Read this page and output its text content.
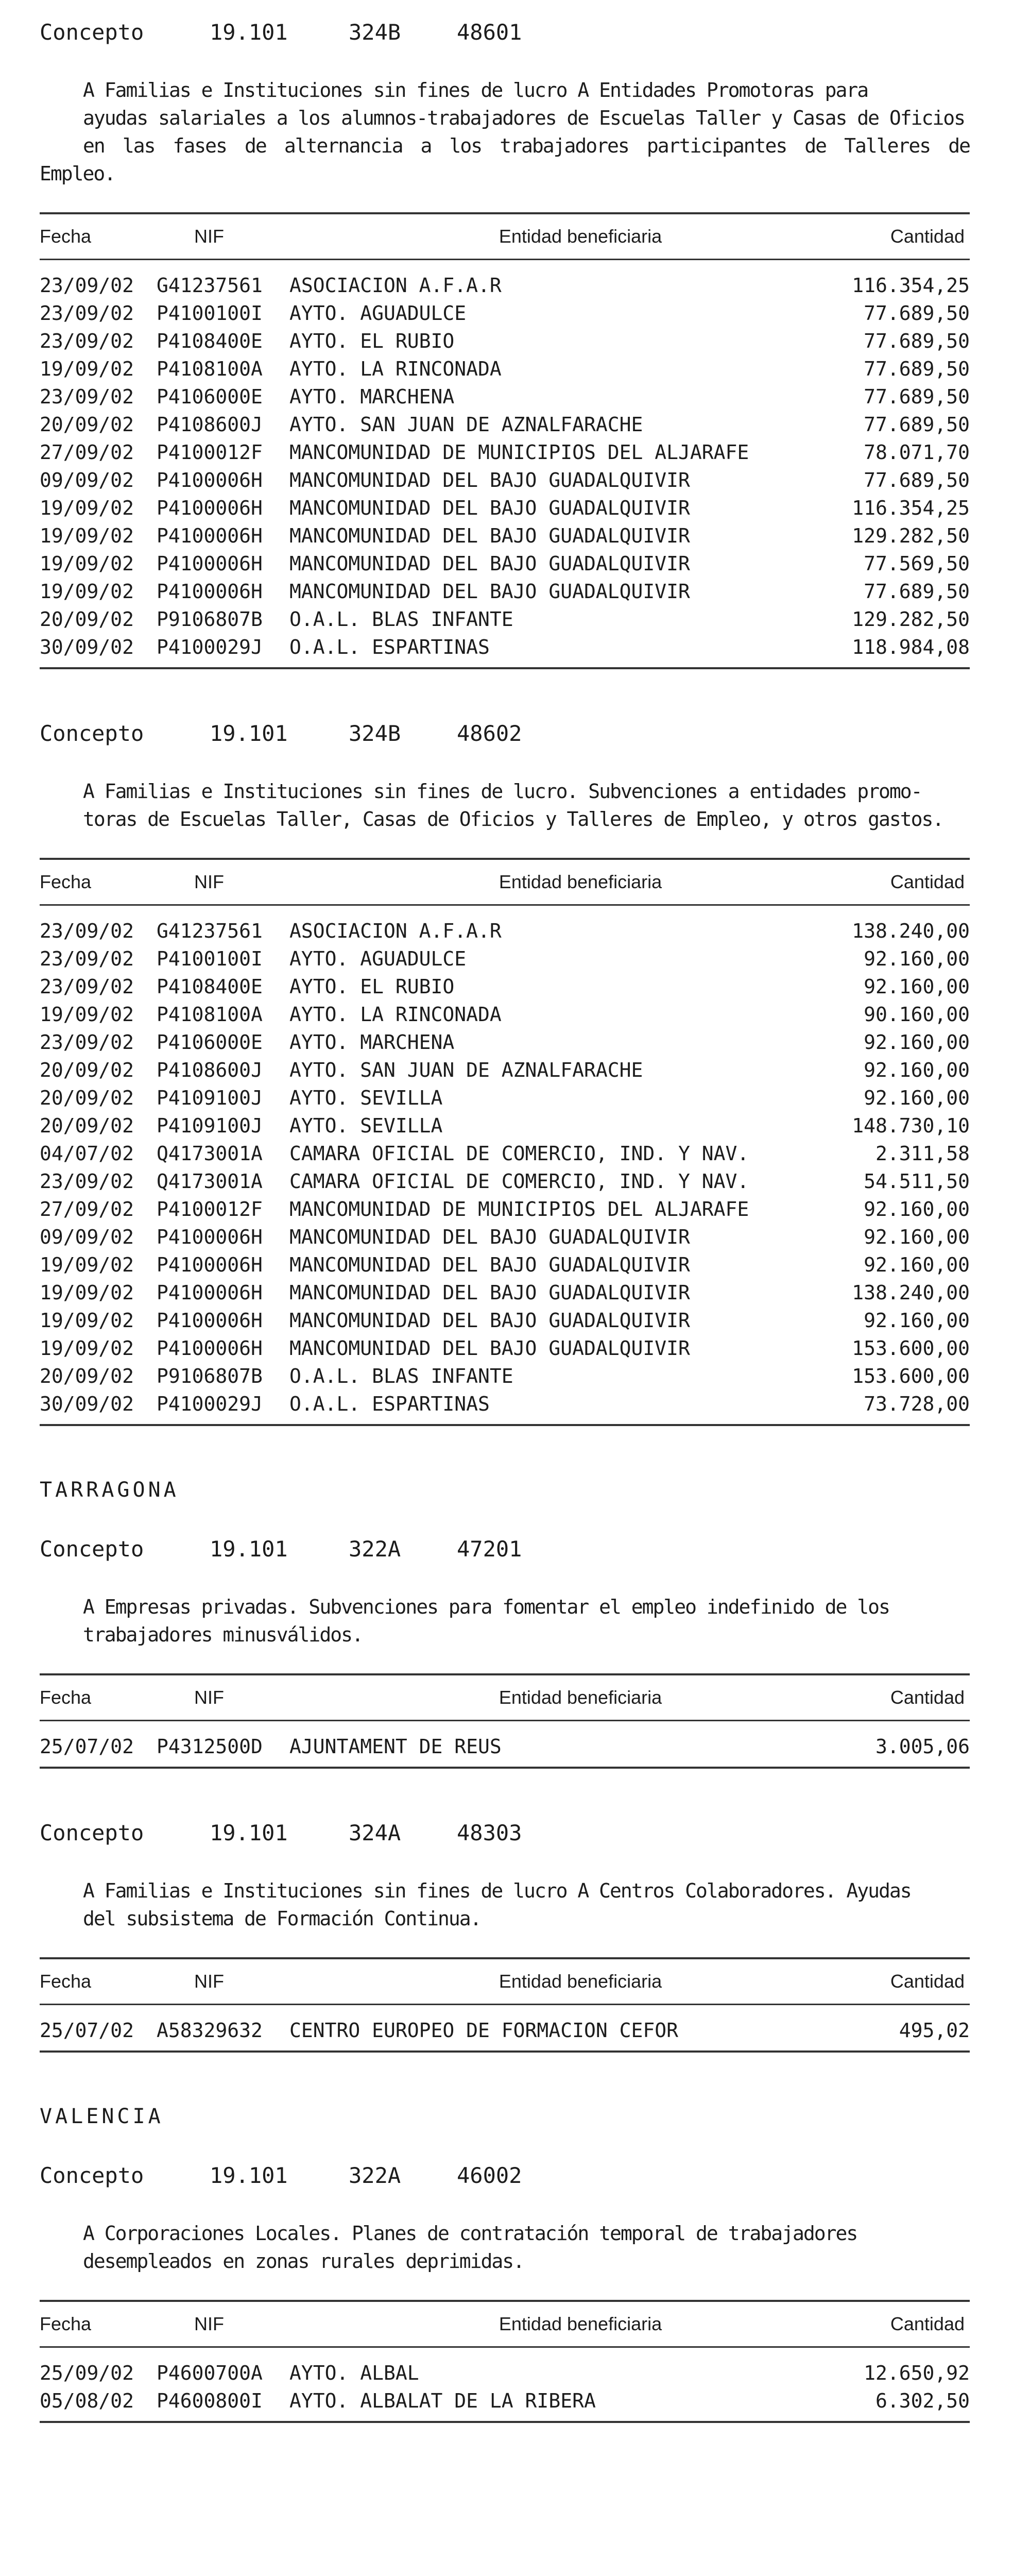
Concepto	19.101	324B	48601
A Familias e Instituciones sin fines de lucro A Entidades Promotoras para
ayudas salariales a los alumnos-trabajadores de Escuelas Taller y Casas de Oficios
en las fases de alternancia a los trabajadores participantes de Talleres de Empleo.
Fecha	NIF	Entidad beneficiaria	Cantidad
23/09/02	G41237561	ASOCIACION A.F.A.R	116.354,25
23/09/02	P4100100I	AYTO. AGUADULCE	77.689,50
23/09/02	P4108400E	AYTO. EL RUBIO	77.689,50
19/09/02	P4108100A	AYTO. LA RINCONADA	77.689,50
23/09/02	P4106000E	AYTO. MARCHENA	77.689,50
20/09/02	P4108600J	AYTO. SAN JUAN DE AZNALFARACHE	77.689,50
27/09/02	P4100012F	MANCOMUNIDAD DE MUNICIPIOS DEL ALJARAFE	78.071,70
09/09/02	P4100006H	MANCOMUNIDAD DEL BAJO GUADALQUIVIR	77.689,50
19/09/02	P4100006H	MANCOMUNIDAD DEL BAJO GUADALQUIVIR	116.354,25
19/09/02	P4100006H	MANCOMUNIDAD DEL BAJO GUADALQUIVIR	129.282,50
19/09/02	P4100006H	MANCOMUNIDAD DEL BAJO GUADALQUIVIR	77.569,50
19/09/02	P4100006H	MANCOMUNIDAD DEL BAJO GUADALQUIVIR	77.689,50
20/09/02	P9106807B	O.A.L. BLAS INFANTE	129.282,50
30/09/02	P4100029J	O.A.L. ESPARTINAS	118.984,08
Concepto	19.101	324B	48602
A Familias e Instituciones sin fines de lucro. Subvenciones a entidades promo-
toras de Escuelas Taller, Casas de Oficios y Talleres de Empleo, y otros gastos.
Fecha	NIF	Entidad beneficiaria	Cantidad
23/09/02	G41237561	ASOCIACION A.F.A.R	138.240,00
23/09/02	P4100100I	AYTO. AGUADULCE	92.160,00
23/09/02	P4108400E	AYTO. EL RUBIO	92.160,00
19/09/02	P4108100A	AYTO. LA RINCONADA	90.160,00
23/09/02	P4106000E	AYTO. MARCHENA	92.160,00
20/09/02	P4108600J	AYTO. SAN JUAN DE AZNALFARACHE	92.160,00
20/09/02	P4109100J	AYTO. SEVILLA	92.160,00
20/09/02	P4109100J	AYTO. SEVILLA	148.730,10
04/07/02	Q4173001A	CAMARA OFICIAL DE COMERCIO, IND. Y NAV.	2.311,58
23/09/02	Q4173001A	CAMARA OFICIAL DE COMERCIO, IND. Y NAV.	54.511,50
27/09/02	P4100012F	MANCOMUNIDAD DE MUNICIPIOS DEL ALJARAFE	92.160,00
09/09/02	P4100006H	MANCOMUNIDAD DEL BAJO GUADALQUIVIR	92.160,00
19/09/02	P4100006H	MANCOMUNIDAD DEL BAJO GUADALQUIVIR	92.160,00
19/09/02	P4100006H	MANCOMUNIDAD DEL BAJO GUADALQUIVIR	138.240,00
19/09/02	P4100006H	MANCOMUNIDAD DEL BAJO GUADALQUIVIR	92.160,00
19/09/02	P4100006H	MANCOMUNIDAD DEL BAJO GUADALQUIVIR	153.600,00
20/09/02	P9106807B	O.A.L. BLAS INFANTE	153.600,00
30/09/02	P4100029J	O.A.L. ESPARTINAS	73.728,00
TARRAGONA
Concepto	19.101	322A	47201
A Empresas privadas. Subvenciones para fomentar el empleo indefinido de los
trabajadores minusválidos.
Fecha	NIF	Entidad beneficiaria	Cantidad
25/07/02	P4312500D	AJUNTAMENT DE REUS	3.005,06
Concepto	19.101	324A	48303
A Familias e Instituciones sin fines de lucro A Centros Colaboradores. Ayudas
del subsistema de Formación Continua.
Fecha	NIF	Entidad beneficiaria	Cantidad
25/07/02	A58329632	CENTRO EUROPEO DE FORMACION CEFOR	495,02
VALENCIA
Concepto	19.101	322A	46002
A Corporaciones Locales. Planes de contratación temporal de trabajadores
desempleados en zonas rurales deprimidas.
Fecha	NIF	Entidad beneficiaria	Cantidad
25/09/02	P4600700A	AYTO. ALBAL	12.650,92
05/08/02	P4600800I	AYTO. ALBALAT DE LA RIBERA	6.302,50
